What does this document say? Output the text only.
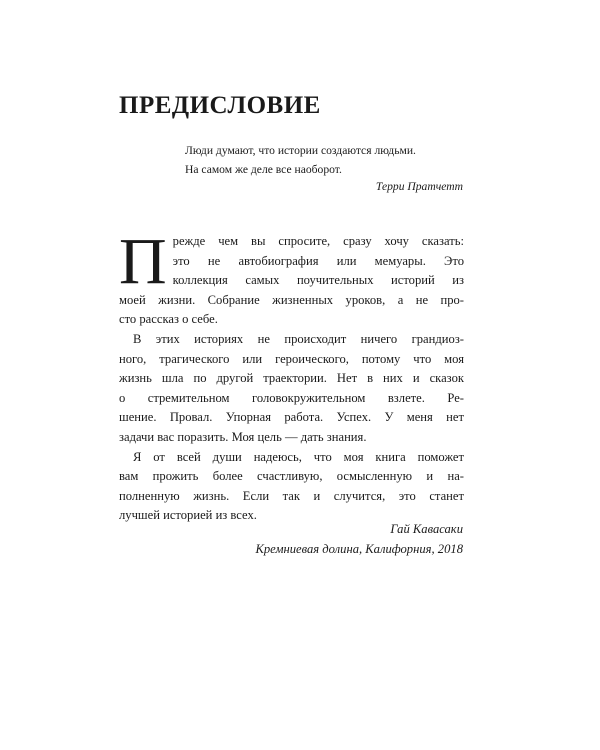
ПРЕДИСЛОВИЕ
Люди думают, что истории создаются людьми.
На самом же деле все наоборот.
Терри Пратчетт
П режде чем вы спросите, сразу хочу сказать:
это не автобиография или мемуары. Это
коллекция самых поучительных историй из
моей жизни. Собрание жизненных уроков, а не про-
сто рассказ о себе.
В этих историях не происходит ничего грандиоз-
ного, трагического или героического, потому что моя
жизнь шла по другой траектории. Нет в них и сказок
о стремительном головокружительном взлете. Ре-
шение. Провал. Упорная работа. Успех. У меня нет
задачи вас поразить. Моя цель — дать знания.
Я от всей души надеюсь, что моя книга поможет
вам прожить более счастливую, осмысленную и на-
полненную жизнь. Если так и случится, это станет
лучшей историей из всех.
Гай Кавасаки
Кремниевая долина, Калифорния, 2018
